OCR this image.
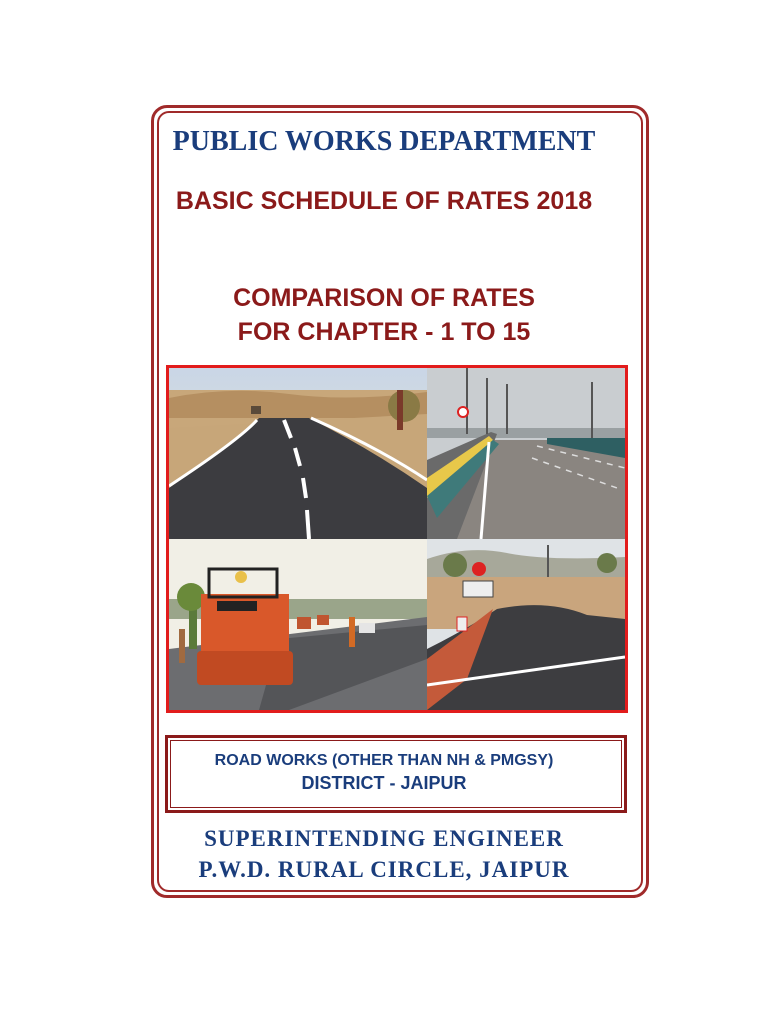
PUBLIC WORKS DEPARTMENT
BASIC SCHEDULE OF RATES 2018
COMPARISON OF RATES
FOR CHAPTER - 1 TO 15

ROAD WORKS (OTHER THAN NH & PMGSY)

DISTRICT - JAIPUR

SUPERINTENDING ENGINEER

P.W.D. RURAL CIRCLE, JAIPUR
